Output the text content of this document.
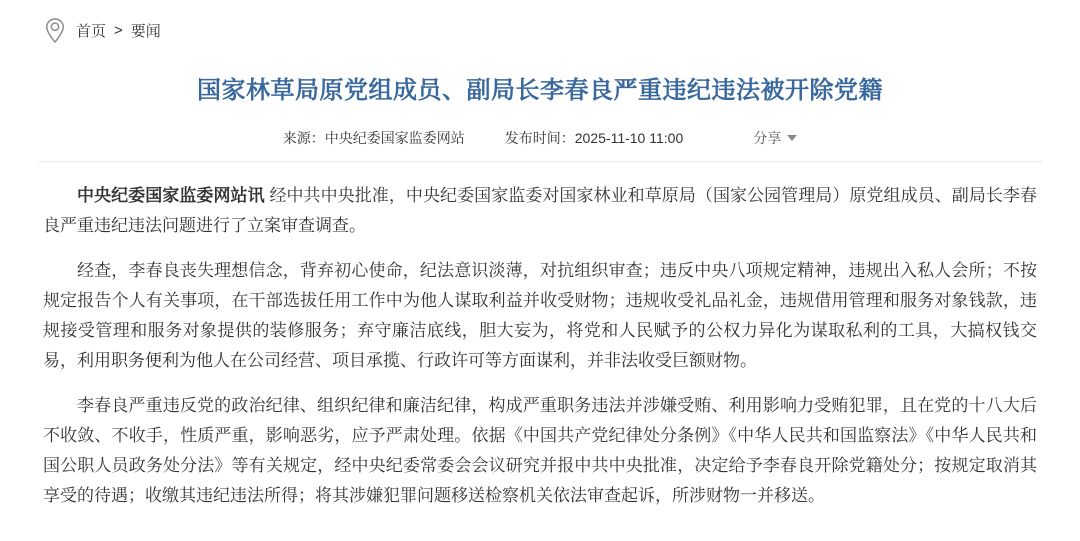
首页 > 要闻
国家林草局原党组成员、副局长李春良严重违纪违法被开除党籍
来源：中央纪委国家监委网站	发布时间：2025-11-10 11:00	分享

中央纪委国家监委网站讯 经中共中央批准，中央纪委国家监委对国家林业和草原局（国家公园管理局）原党组成员、副局长李春良严重违纪违法问题进行了立案审查调查。

经查，李春良丧失理想信念，背弃初心使命，纪法意识淡薄，对抗组织审查；违反中央八项规定精神，违规出入私人会所；不按规定报告个人有关事项，在干部选拔任用工作中为他人谋取利益并收受财物；违规收受礼品礼金，违规借用管理和服务对象钱款，违规接受管理和服务对象提供的装修服务；弃守廉洁底线，胆大妄为，将党和人民赋予的公权力异化为谋取私利的工具，大搞权钱交易，利用职务便利为他人在公司经营、项目承揽、行政许可等方面谋利，并非法收受巨额财物。

李春良严重违反党的政治纪律、组织纪律和廉洁纪律，构成严重职务违法并涉嫌受贿、利用影响力受贿犯罪，且在党的十八大后不收敛、不收手，性质严重，影响恶劣，应予严肃处理。依据《中国共产党纪律处分条例》《中华人民共和国监察法》《中华人民共和国公职人员政务处分法》等有关规定，经中央纪委常委会会议研究并报中共中央批准，决定给予李春良开除党籍处分；按规定取消其享受的待遇；收缴其违纪违法所得；将其涉嫌犯罪问题移送检察机关依法审查起诉，所涉财物一并移送。
